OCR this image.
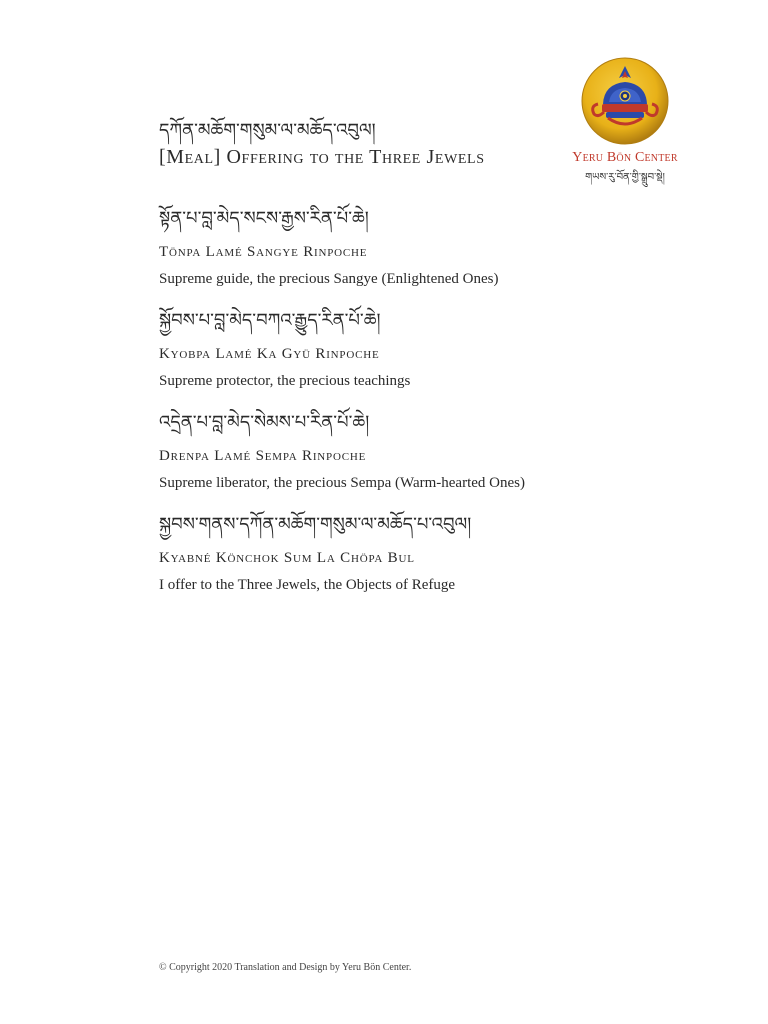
དཀོན་མཆོག་གསུམ་ལ་མཆོད་འབུལ།
[Meal] Offering to the Three Jewels	Yeru Bön Center
གཡས་རུ་བོན་གྱི་སྒྲུབ་སྡེ།
སྟོན་པ་བླ་མེད་སངས་རྒྱས་རིན་པོ་ཆེ།
Tönpa Lamé Sangye Rinpoche
Supreme guide, the precious Sangye (Enlightened Ones)
སྐྱོབས་པ་བླ་མེད་བཀའ་རྒྱུད་རིན་པོ་ཆེ།
Kyobpa Lamé Ka Gyü Rinpoche
Supreme protector, the precious teachings
འདྲེན་པ་བླ་མེད་སེམས་པ་རིན་པོ་ཆེ།
Drenpa Lamé Sempa Rinpoche
Supreme liberator, the precious Sempa (Warm-hearted Ones)
སྐྱབས་གནས་དཀོན་མཆོག་གསུམ་ལ་མཆོད་པ་འབུལ།
Kyabné Könchok Sum La Chöpa Bul
I offer to the Three Jewels, the Objects of Refuge
© Copyright 2020 Translation and Design by Yeru Bön Center.
